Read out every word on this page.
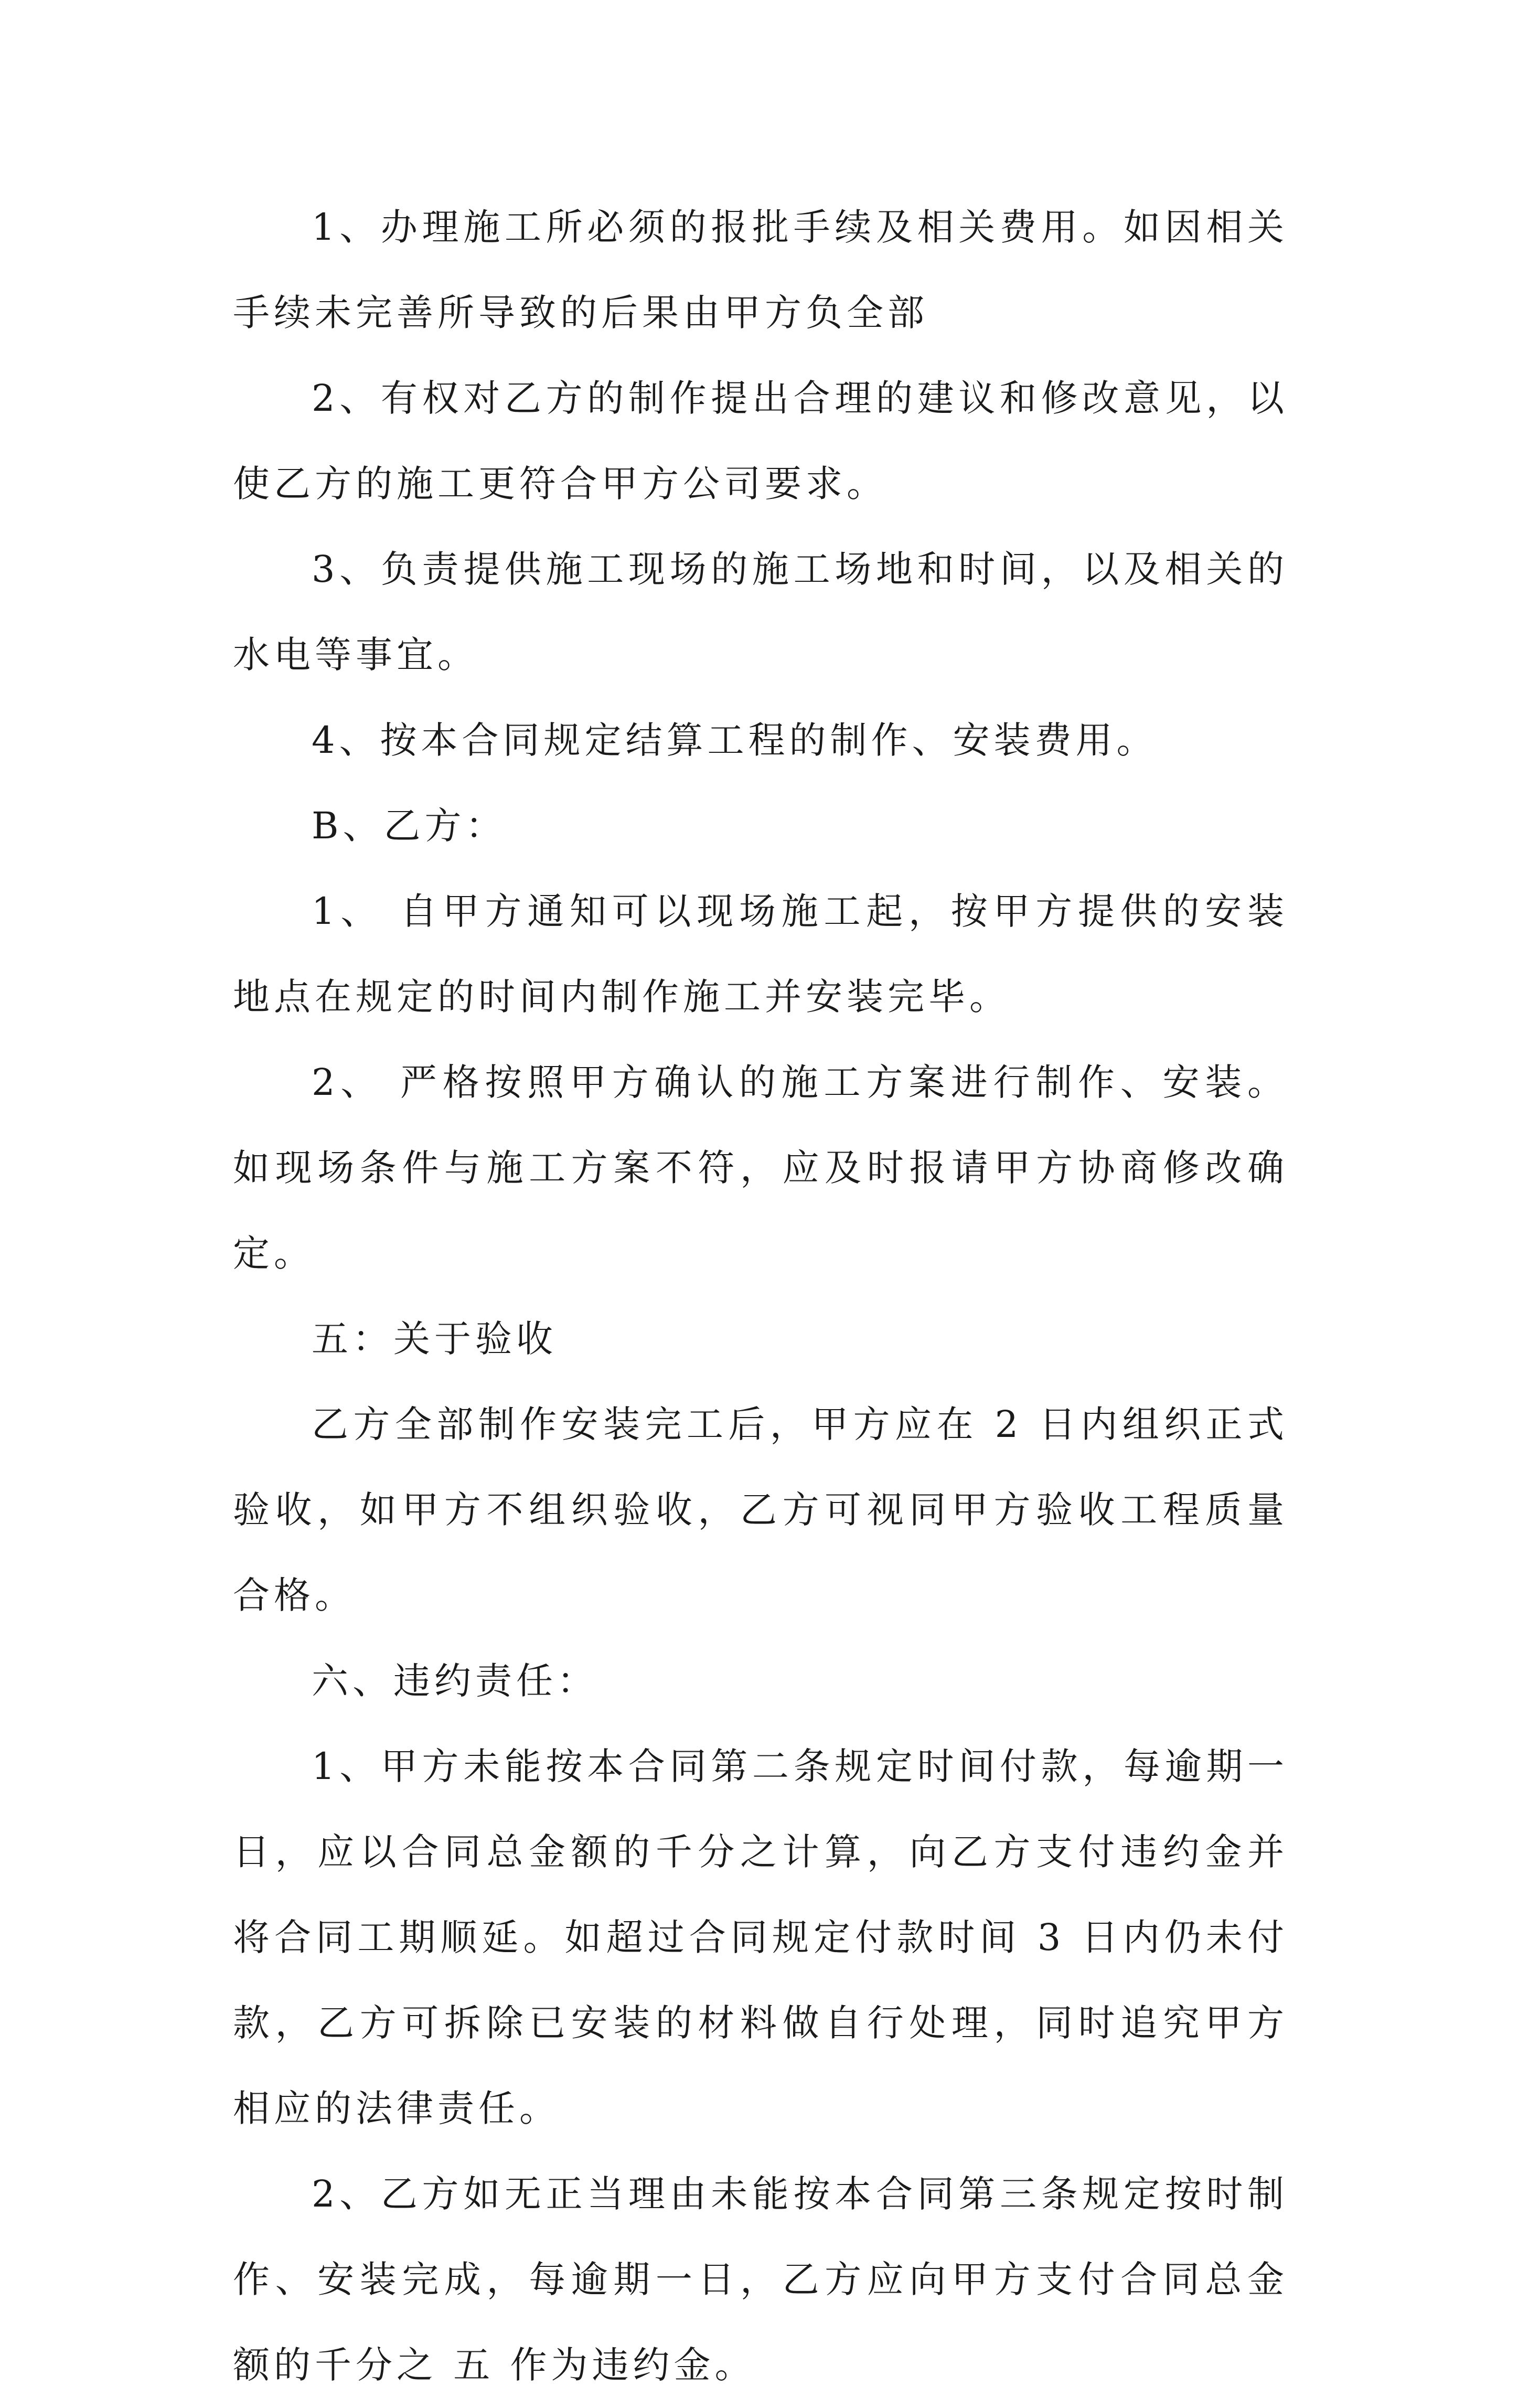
1、办理施工所必须的报批手续及相关费用。如因相关手续未完善所导致的后果由甲方负全部

2、有权对乙方的制作提出合理的建议和修改意见，以使乙方的施工更符合甲方公司要求。

3、负责提供施工现场的施工场地和时间，以及相关的水电等事宜。

4、按本合同规定结算工程的制作、安装费用。

B、乙方：

1、 自甲方通知可以现场施工起，按甲方提供的安装地点在规定的时间内制作施工并安装完毕。

2、 严格按照甲方确认的施工方案进行制作、安装。如现场条件与施工方案不符，应及时报请甲方协商修改确定。

五：关于验收

乙方全部制作安装完工后，甲方应在 2 日内组织正式验收，如甲方不组织验收，乙方可视同甲方验收工程质量合格。

六、违约责任：

1、甲方未能按本合同第二条规定时间付款，每逾期一日，应以合同总金额的千分之计算，向乙方支付违约金并将合同工期顺延。如超过合同规定付款时间 3 日内仍未付款，乙方可拆除已安装的材料做自行处理，同时追究甲方相应的法律责任。

2、乙方如无正当理由未能按本合同第三条规定按时制作、安装完成，每逾期一日，乙方应向甲方支付合同总金额的千分之 五 作为违约金。
